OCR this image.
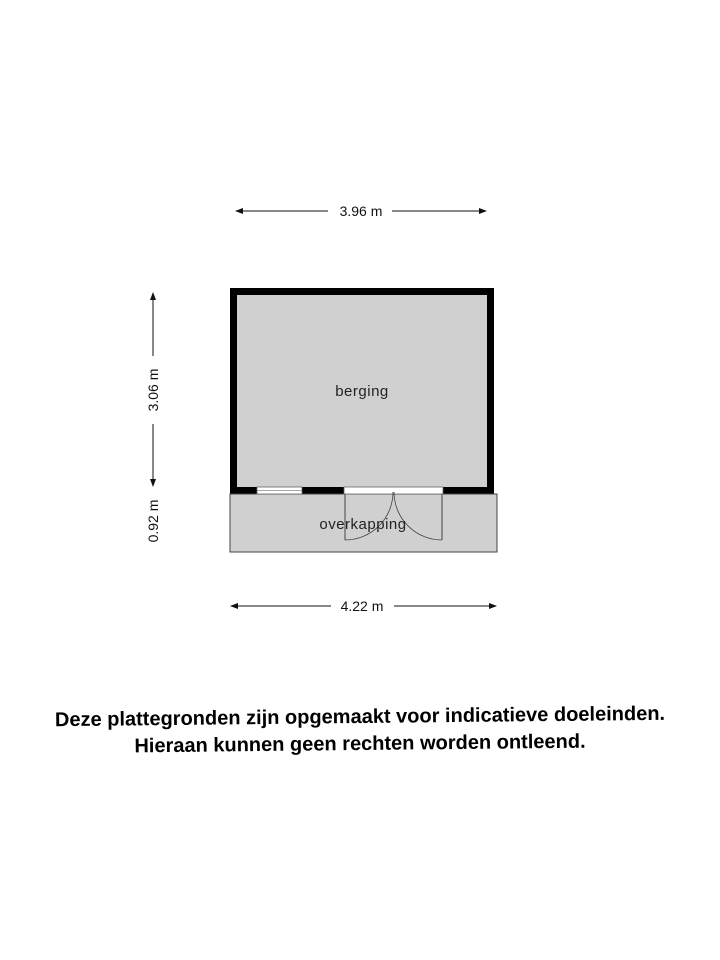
3.96 m
3.06 m
0.92 m
berging
overkapping
4.22 m

Deze plattegronden zijn opgemaakt voor indicatieve doeleinden.

Hieraan kunnen geen rechten worden ontleend.
